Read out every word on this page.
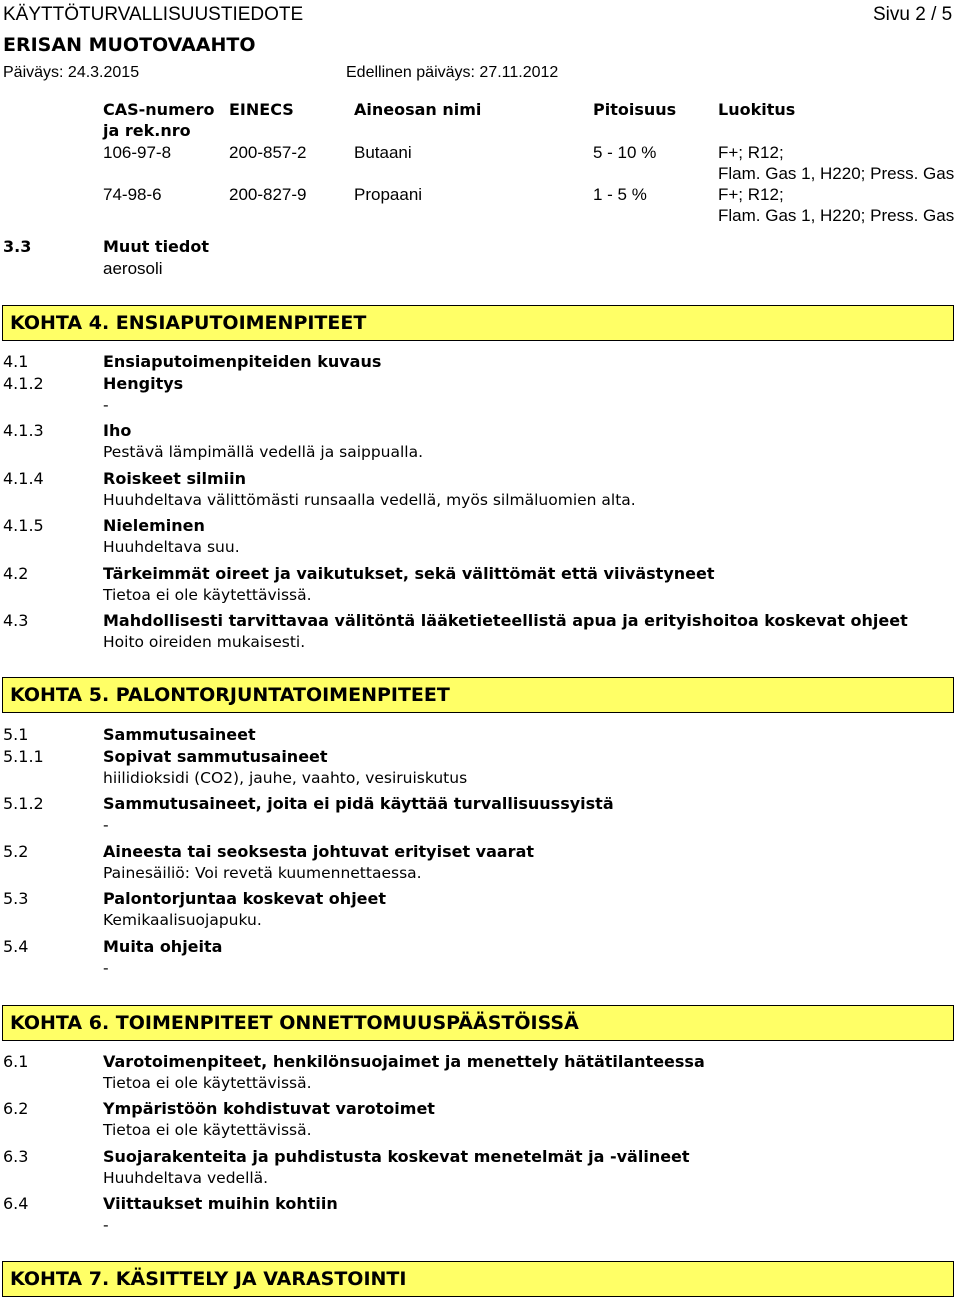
KÄYTTÖTURVALLISUUSTIEDOTE	Sivu 2 / 5
ERISAN MUOTOVAAHTO
Päiväys: 24.3.2015	Edellinen päiväys: 27.11.2012
CAS-numero
ja rek.nro
EINECS	Aineosan nimi	Pitoisuus	Luokitus
106-97-8	200-857-2	Butaani	5 - 10 %	F+; R12;
Flam. Gas 1, H220; Press. Gas
74-98-6	200-827-9	Propaani	1 - 5 %	F+; R12;
Flam. Gas 1, H220; Press. Gas
3.3	Muut tiedot
aerosoli
KOHTA 4. ENSIAPUTOIMENPITEET
4.1	Ensiaputoimenpiteiden kuvaus
4.1.2	Hengitys
-
4.1.3	Iho
Pestävä lämpimällä vedellä ja saippualla.
4.1.4	Roiskeet silmiin
Huuhdeltava välittömästi runsaalla vedellä, myös silmäluomien alta.
4.1.5	Nieleminen
Huuhdeltava suu.
4.2	Tärkeimmät oireet ja vaikutukset, sekä välittömät että viivästyneet
Tietoa ei ole käytettävissä.
4.3	Mahdollisesti tarvittavaa välitöntä lääketieteellistä apua ja erityishoitoa koskevat ohjeet
Hoito oireiden mukaisesti.
KOHTA 5. PALONTORJUNTATOIMENPITEET
5.1	Sammutusaineet
5.1.1	Sopivat sammutusaineet
hiilidioksidi (CO2), jauhe, vaahto, vesiruiskutus
5.1.2	Sammutusaineet, joita ei pidä käyttää turvallisuussyistä
-
5.2	Aineesta tai seoksesta johtuvat erityiset vaarat
Painesäiliö: Voi revetä kuumennettaessa.
5.3	Palontorjuntaa koskevat ohjeet
Kemikaalisuojapuku.
5.4	Muita ohjeita
-
KOHTA 6. TOIMENPITEET ONNETTOMUUSPÄÄSTÖISSÄ
6.1	Varotoimenpiteet, henkilönsuojaimet ja menettely hätätilanteessa
Tietoa ei ole käytettävissä.
6.2	Ympäristöön kohdistuvat varotoimet
Tietoa ei ole käytettävissä.
6.3	Suojarakenteita ja puhdistusta koskevat menetelmät ja -välineet
Huuhdeltava vedellä.
6.4	Viittaukset muihin kohtiin
-
KOHTA 7. KÄSITTELY JA VARASTOINTI
